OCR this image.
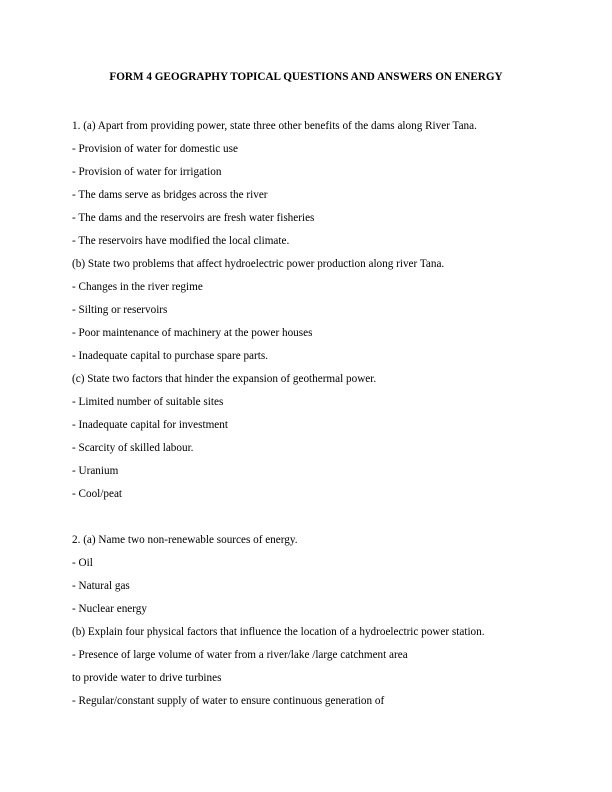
FORM 4 GEOGRAPHY TOPICAL QUESTIONS AND ANSWERS ON ENERGY
1. (a) Apart from providing power, state three other benefits of the dams along River Tana.
- Provision of water for domestic use
- Provision of water for irrigation
- The dams serve as bridges across the river
- The dams and the reservoirs are fresh water fisheries
- The reservoirs have modified the local climate.
(b) State two problems that affect hydroelectric power production along river Tana.
- Changes in the river regime
- Silting or reservoirs
- Poor maintenance of machinery at the power houses
- Inadequate capital to purchase spare parts.
(c) State two factors that hinder the expansion of geothermal power.
- Limited number of suitable sites
- Inadequate capital for investment
- Scarcity of skilled labour.
- Uranium
- Cool/peat
2. (a) Name two non-renewable sources of energy.
- Oil
- Natural gas
- Nuclear energy
(b) Explain four physical factors that influence the location of a hydroelectric power station.
- Presence of large volume of water from a river/lake /large catchment area
to provide water to drive turbines
- Regular/constant supply of water to ensure continuous generation of
